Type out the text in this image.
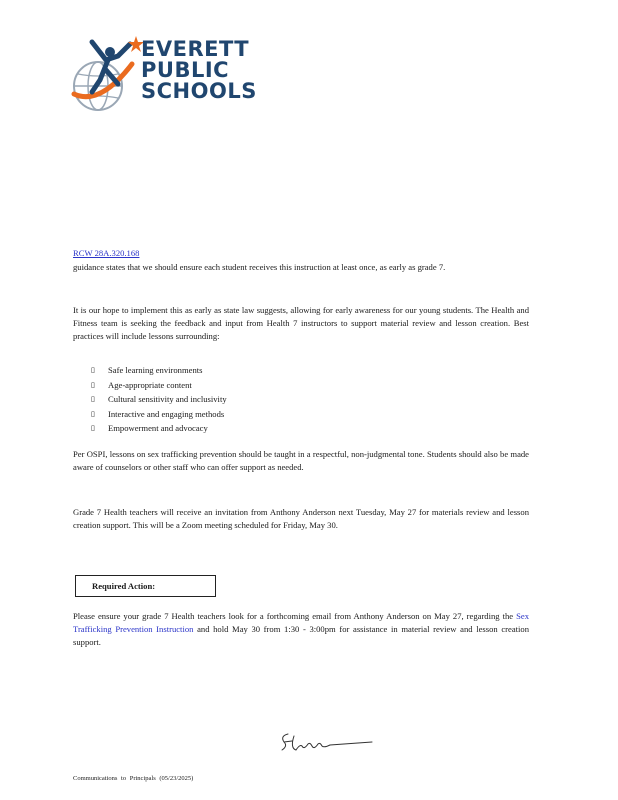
EVERETT
PUBLIC
SCHOOLS
RCW 28A.320.168

guidance states that we should ensure each student receives this instruction at least once, as early as grade 7.

It is our hope to implement this as early as state law suggests, allowing for early awareness for our young students. The Health and Fitness team is seeking the feedback and input from Health 7 instructors to support material review and lesson creation. Best practices will include lessons surrounding:

▯ Safe learning environments
▯ Age-appropriate content
▯ Cultural sensitivity and inclusivity
▯ Interactive and engaging methods
▯ Empowerment and advocacy

Per OSPI, lessons on sex trafficking prevention should be taught in a respectful, non-judgmental tone. Students should also be made aware of counselors or other staff who can offer support as needed.

Grade 7 Health teachers will receive an invitation from Anthony Anderson next Tuesday, May 27 for materials review and lesson creation support. This will be a Zoom meeting scheduled for Friday, May 30.

Required Action:

Please ensure your grade 7 Health teachers look for a forthcoming email from Anthony Anderson on May 27, regarding the Sex Trafficking Prevention Instruction and hold May 30 from 1:30 - 3:00pm for assistance in material review and lesson creation support.

Communications to Principals (05/23/2025)
